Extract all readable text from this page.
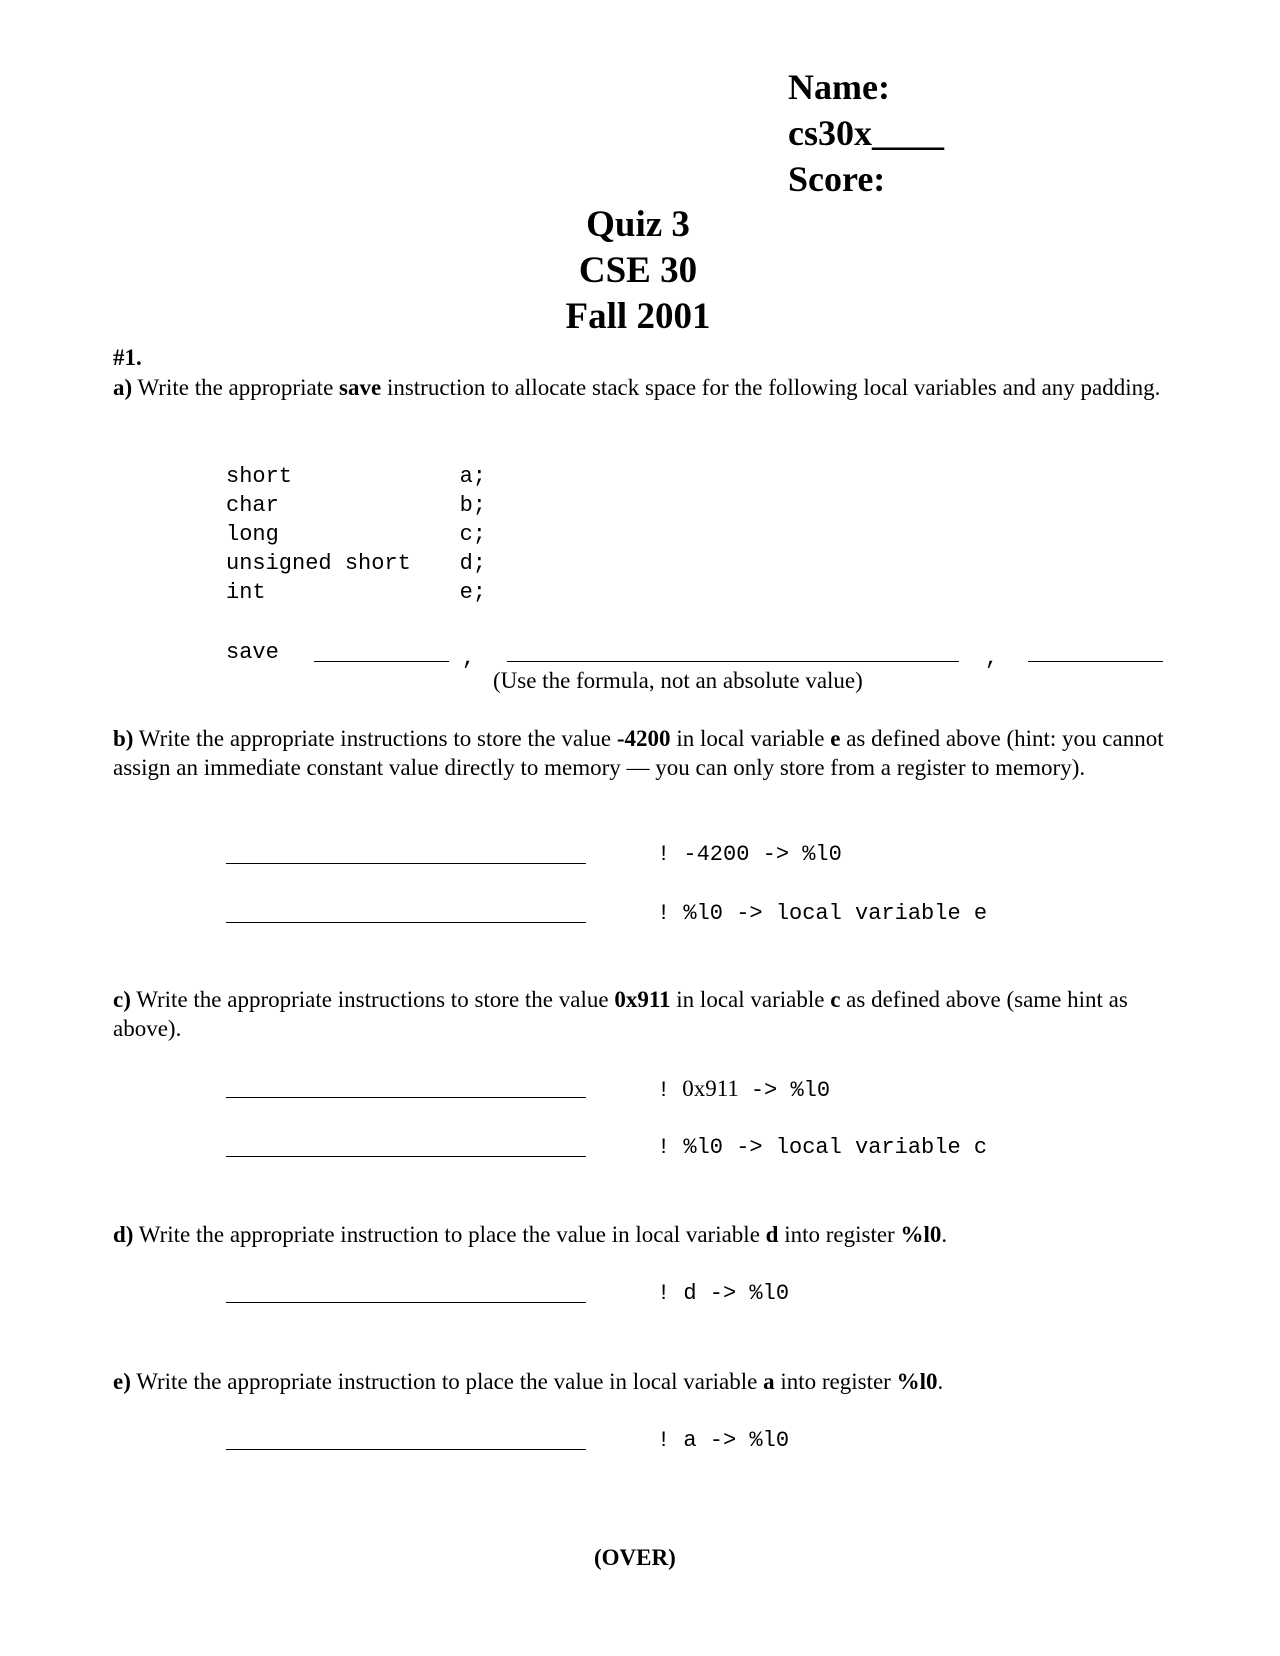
Name:
cs30x____
Score:
Quiz 3
CSE 30
Fall 2001
#1.
a) Write the appropriate save instruction to allocate stack space for the following local variables and any padding.
short	a;
char	b;
long	c;
unsigned short d;
int	e;
save	,	,
(Use the formula, not an absolute value)
b) Write the appropriate instructions to store the value -4200 in local variable e as defined above (hint: you cannot assign an immediate constant value directly to memory — you can only store from a register to memory).
! -4200 -> %l0
! %l0 -> local variable e
c) Write the appropriate instructions to store the value 0x911 in local variable c as defined above (same hint as above).
! 0x911 -> %l0
! %l0 -> local variable c
d) Write the appropriate instruction to place the value in local variable d into register %l0.
! d -> %l0
e) Write the appropriate instruction to place the value in local variable a into register %l0.
! a -> %l0
(OVER)
